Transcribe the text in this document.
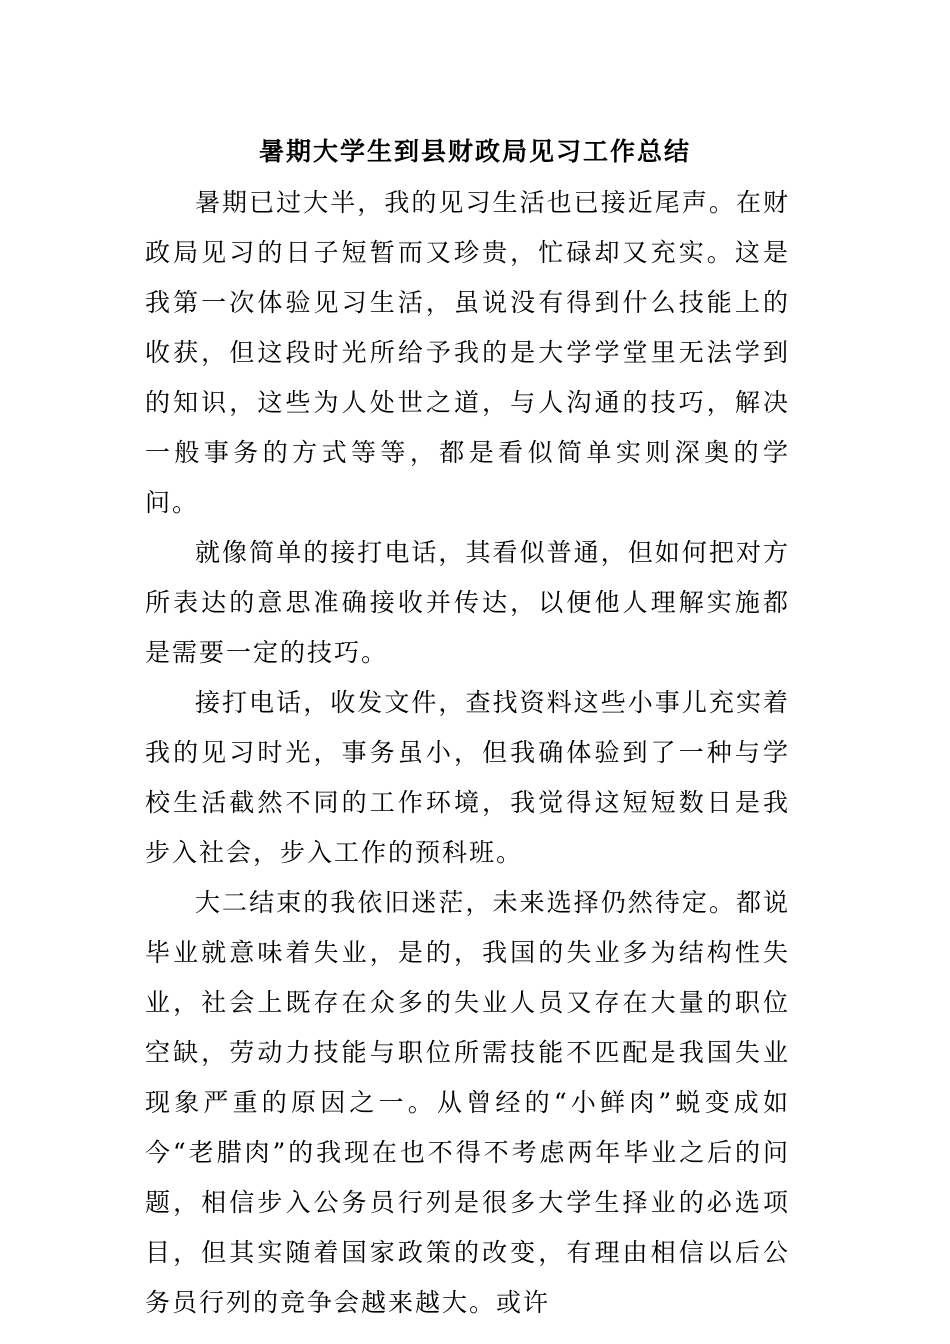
暑期大学生到县财政局见习工作总结

暑期已过大半，我的见习生活也已接近尾声。在财政局见习的日子短暂而又珍贵，忙碌却又充实。这是我第一次体验见习生活，虽说没有得到什么技能上的收获，但这段时光所给予我的是大学学堂里无法学到的知识，这些为人处世之道，与人沟通的技巧，解决一般事务的方式等等，都是看似简单实则深奥的学问。

就像简单的接打电话，其看似普通，但如何把对方所表达的意思准确接收并传达，以便他人理解实施都是需要一定的技巧。

接打电话，收发文件，查找资料这些小事儿充实着我的见习时光，事务虽小，但我确体验到了一种与学校生活截然不同的工作环境，我觉得这短短数日是我步入社会，步入工作的预科班。

大二结束的我依旧迷茫，未来选择仍然待定。都说毕业就意味着失业，是的，我国的失业多为结构性失业，社会上既存在众多的失业人员又存在大量的职位空缺，劳动力技能与职位所需技能不匹配是我国失业现象严重的原因之一。从曾经的“小鲜肉”蜕变成如今“老腊肉”的我现在也不得不考虑两年毕业之后的问题，相信步入公务员行列是很多大学生择业的必选项目，但其实随着国家政策的改变，有理由相信以后公务员行列的竞争会越来越大。或许
